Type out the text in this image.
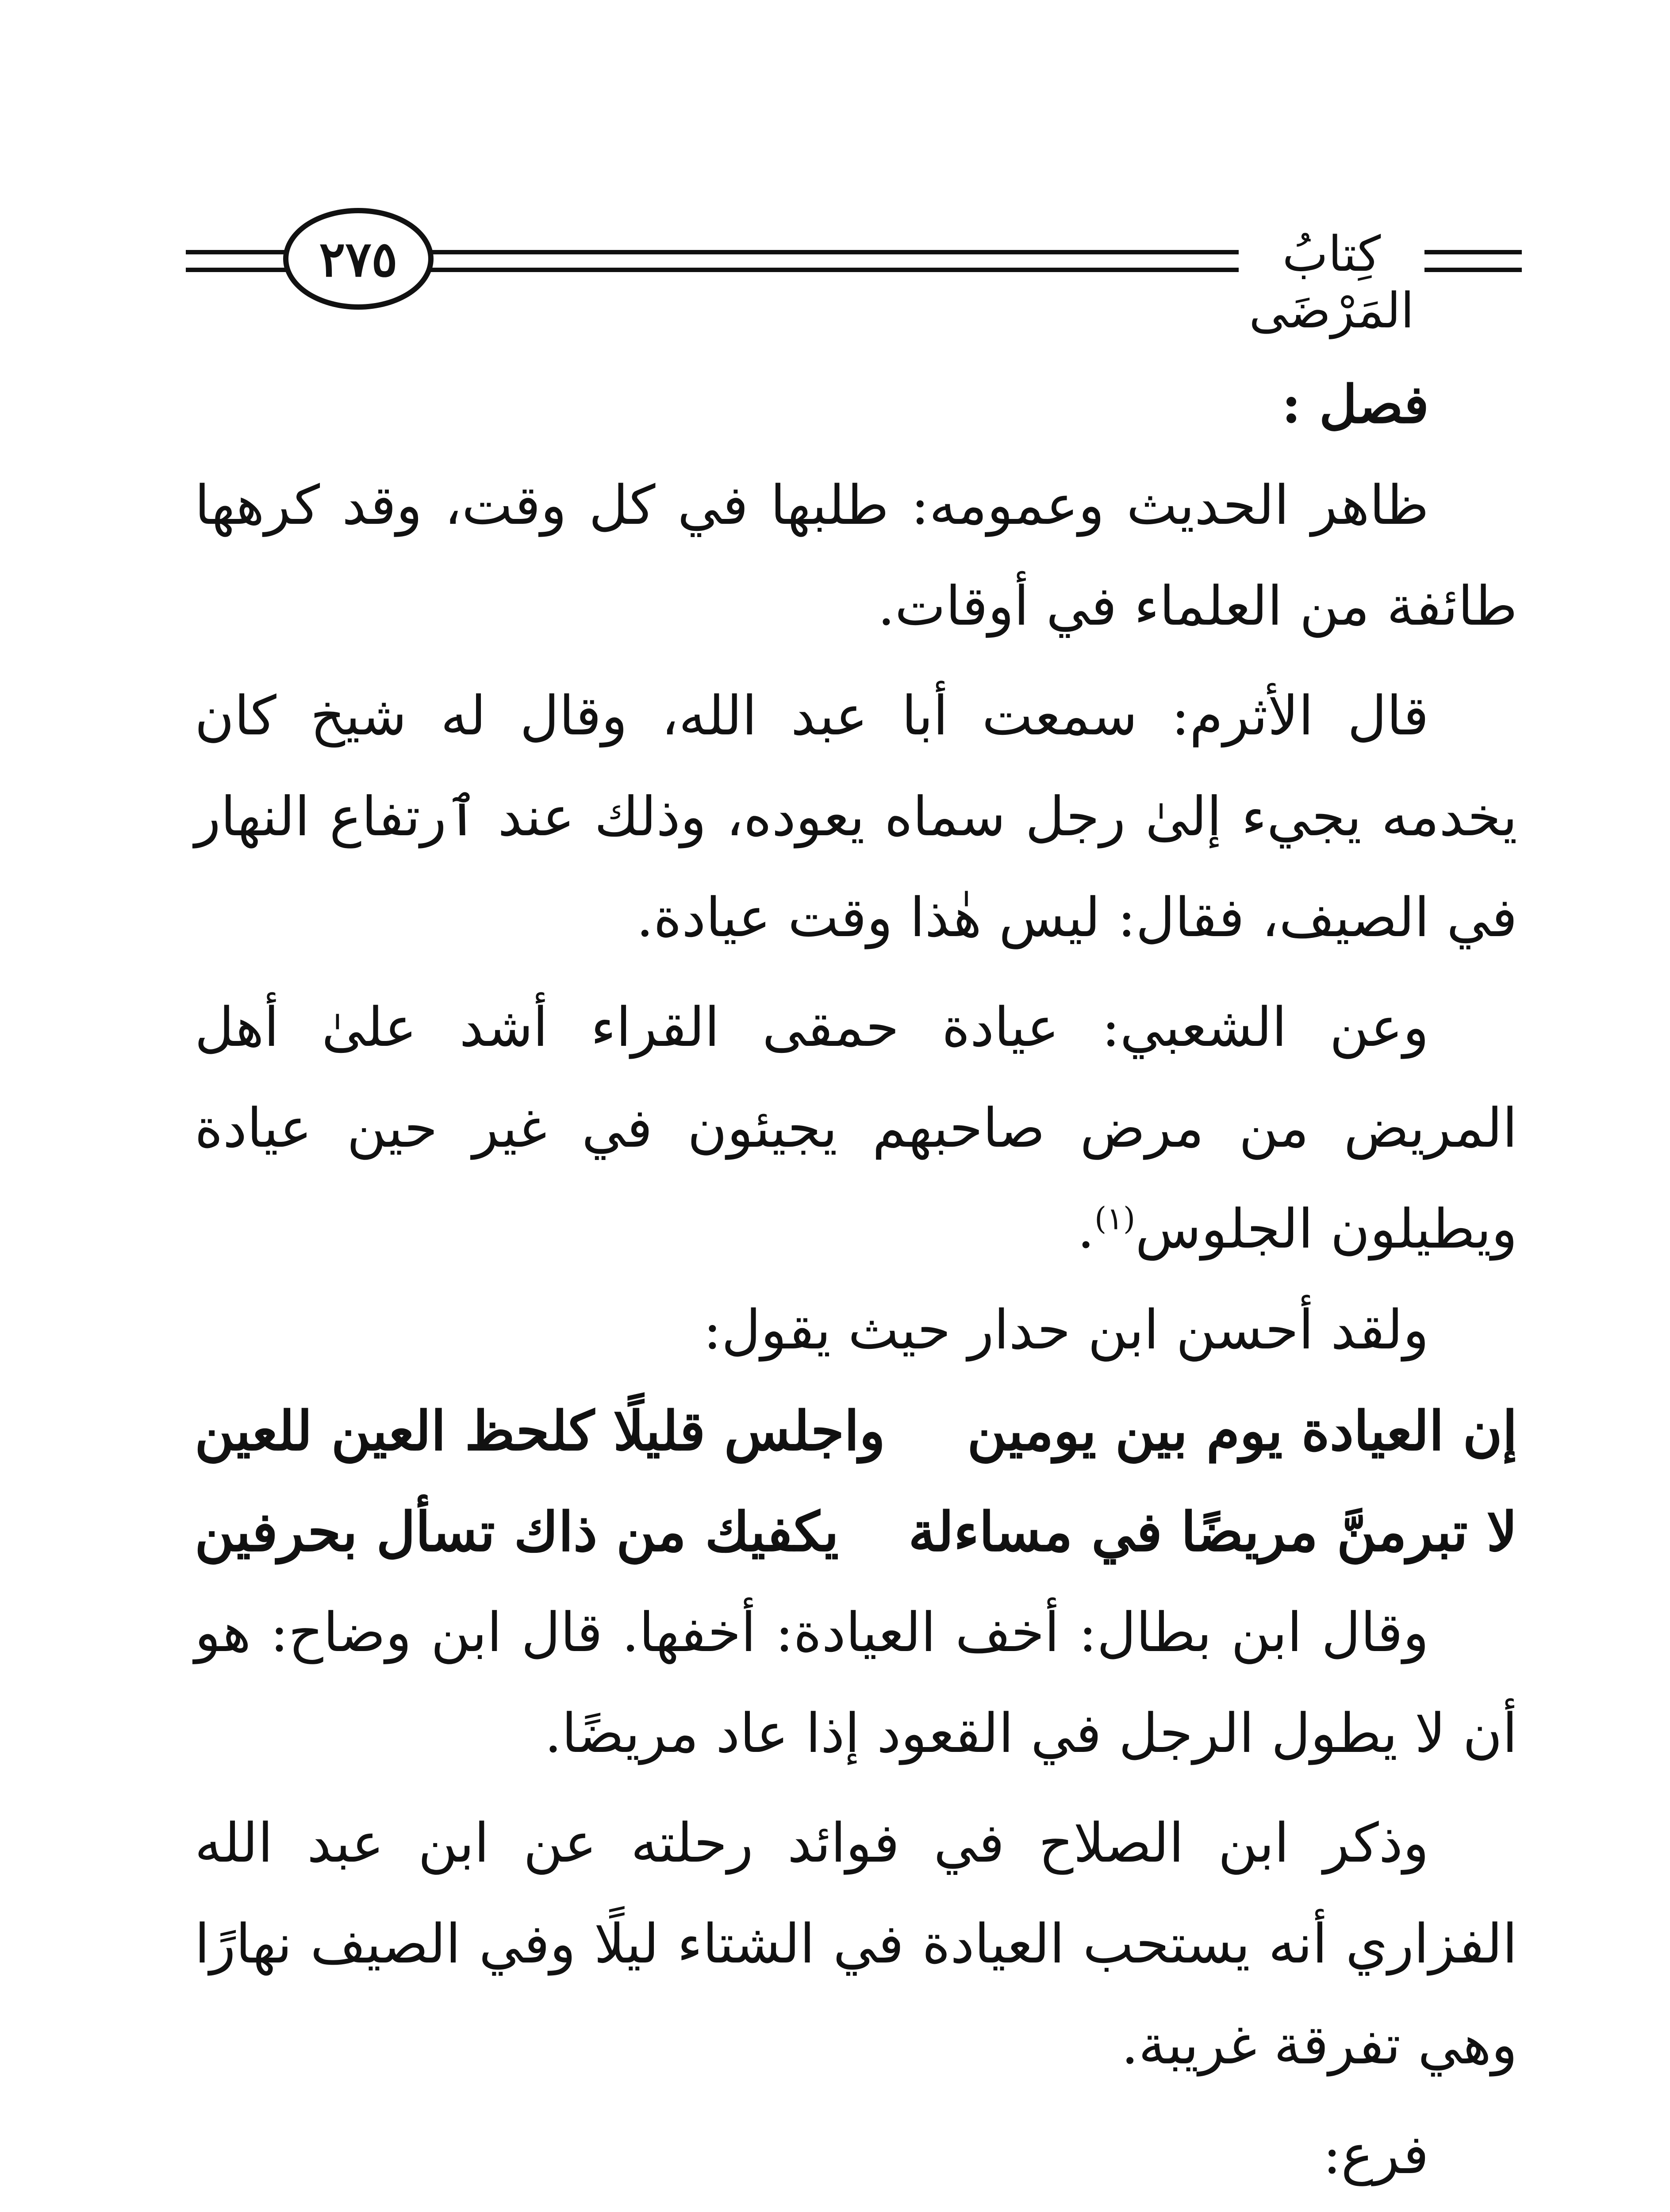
٢٧٥	كِتابُ المَرْضَى

فصل :

ظاهر الحديث وعمومه: طلبها في كل وقت، وقد كرهها طائفة من العلماء في أوقات.

قال الأثرم: سمعت أبا عبد الله، وقال له شيخ كان يخدمه يجيء إلىٰ رجل سماه يعوده، وذلك عند ٱرتفاع النهار في الصيف، فقال: ليس هٰذا وقت عيادة.

وعن الشعبي: عيادة حمقى القراء أشد علىٰ أهل المريض من مرض صاحبهم يجيئون في غير حين عيادة ويطيلون الجلوس$^{(١)}$.

ولقد أحسن ابن حدار حيث يقول:

إن العيادة يوم بين يومين
واجلس قليلًا كلحظ العين للعين
لا تبرمنَّ مريضًا في مساءلة
يكفيك من ذاك تسأل بحرفين

وقال ابن بطال: أخف العيادة: أخفها. قال ابن وضاح: هو أن لا يطول الرجل في القعود إذا عاد مريضًا.

وذكر ابن الصلاح في فوائد رحلته عن ابن عبد الله الفزاري أنه يستحب العيادة في الشتاء ليلًا وفي الصيف نهارًا وهي تفرقة غريبة.

فرع:
